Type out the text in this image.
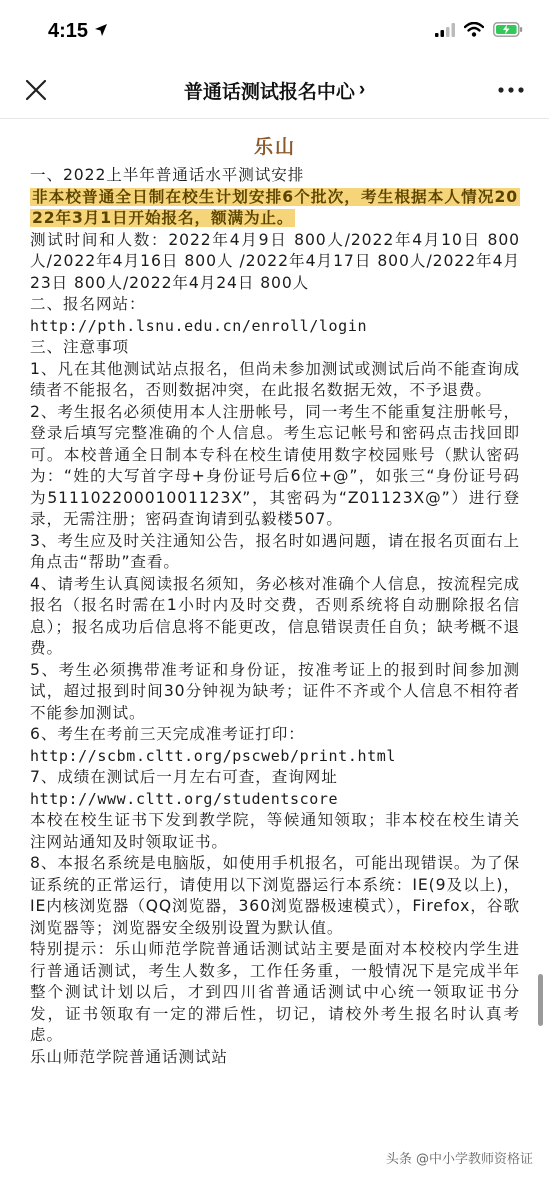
4:15
普通话测试报名中心 ›
乐山

一、2022上半年普通话水平测试安排

非本校普通全日制在校生计划安排6个批次，考生根据本人情况2022年3月1日开始报名，额满为止。

测试时间和人数：2022年4月9日 800人/2022年4月10日 800人/2022年4月16日 800人 /2022年4月17日 800人/2022年4月23日 800人/2022年4月24日 800人

二、报名网站：

http://pth.lsnu.edu.cn/enroll/login

三、注意事项

1、凡在其他测试站点报名，但尚未参加测试或测试后尚不能查询成绩者不能报名，否则数据冲突，在此报名数据无效，不予退费。

2、考生报名必须使用本人注册帐号，同一考生不能重复注册帐号，登录后填写完整准确的个人信息。考生忘记帐号和密码点击找回即可。本校普通全日制本专科在校生请使用数字校园账号（默认密码为：“姓的大写首字母+身份证号后6位+@”，如张三“身份证号码为51110220001001123X”，其密码为“Z01123X@”）进行登录，无需注册；密码查询请到弘毅楼507。

3、考生应及时关注通知公告，报名时如遇问题，请在报名页面右上角点击“帮助”查看。

4、请考生认真阅读报名须知，务必核对准确个人信息，按流程完成报名（报名时需在1小时内及时交费，否则系统将自动删除报名信息）；报名成功后信息将不能更改，信息错误责任自负；缺考概不退费。

5、考生必须携带准考证和身份证，按准考证上的报到时间参加测试，超过报到时间30分钟视为缺考；证件不齐或个人信息不相符者不能参加测试。

6、考生在考前三天完成准考证打印：

http://scbm.cltt.org/pscweb/print.html

7、成绩在测试后一月左右可查，查询网址

http://www.cltt.org/studentscore

本校在校生证书下发到教学院，等候通知领取；非本校在校生请关注网站通知及时领取证书。

8、本报名系统是电脑版，如使用手机报名，可能出现错误。为了保证系统的正常运行，请使用以下浏览器运行本系统：IE(9及以上)，IE内核浏览器（QQ浏览器，360浏览器极速模式），Firefox，谷歌浏览器等；浏览器安全级别设置为默认值。

特别提示：乐山师范学院普通话测试站主要是面对本校校内学生进行普通话测试，考生人数多，工作任务重，一般情况下是完成半年整个测试计划以后，才到四川省普通话测试中心统一领取证书分发，证书领取有一定的滞后性，切记，请校外考生报名时认真考虑。

乐山师范学院普通话测试站

头条 @中小学教师资格证
